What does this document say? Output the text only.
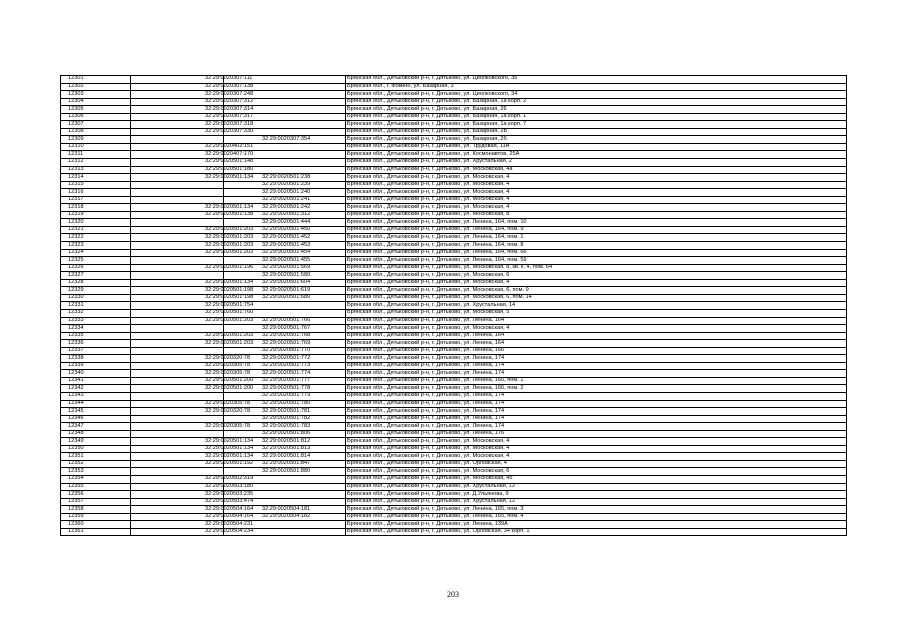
12301	32:29:0020307:111		Брянская обл., Дятьковский р-н, г. Дятьково, ул. Циолковского, 36
12302	32:29:0020307:138		Брянская обл., г. Фокино, ул. Базарная, 3
12303	32:29:0020307:248		Брянская обл., Дятьковский р-н, г. Дятьково, ул. Циолковского, 34
12304	32:29:0020307:312		Брянская обл., Дятьковский р-н, г. Дятьково, ул. Базарная, 1а корп. 2
12305	32:29:0020307:314		Брянская обл., Дятьковский р-н, г. Дятьково, ул. Базарная, 26
12306	32:29:0020307:317		Брянская обл., Дятьковский р-н, г. Дятьково, ул. Базарная, 1а корп. 1
12307	32:29:0020307:318		Брянская обл., Дятьковский р-н, г. Дятьково, ул. Базарная, 1а корп. 7
12308	32:29:0020307:330		Брянская обл., Дятьковский р-н, г. Дятьково, ул. Базарная, 2Б
12309		32:29:0020307:354	Брянская обл., Дятьковский р-н, г. Дятьково, ул. Базарная, 2б
12310	32:29:0020402:151		Брянская обл., Дятьковский р-н, г. Дятьково, ул. Трудовая, 11А
12311	32:29:0020407:170		Брянская обл., Дятьковский р-н, г. Дятьково, ул. Космонавтов, 25А
12312	32:29:0020501:148		Брянская обл., Дятьковский р-н, г. Дятьково, ул. Хрустальная, 2
12313	32:29:0020501:180		Брянская обл., Дятьковский р-н, г. Дятьково, ул. Московская, 4а
12314	32:29:0020501:134	32:29:0020501:238	Брянская обл., Дятьковский р-н, г. Дятьково, ул. Московская, 4
12315		32:29:0020501:239	Брянская обл., Дятьковский р-н, г. Дятьково, ул. Московская, 4
12316		32:29:0020501:240	Брянская обл., Дятьковский р-н, г. Дятьково, ул. Московская, 4
12317		32:29:0020501:241	Брянская обл., Дятьковский р-н, г. Дятьково, ул. Московская, 4
12318	32:29:0020501:134	32:29:0020501:242	Брянская обл., Дятьковский р-н, г. Дятьково, ул. Московская, 4
12319	32:29:0020501:138	32:29:0020501:312	Брянская обл., Дятьковский р-н, г. Дятьково, ул. Московская, 8
12320		32:29:0020501:444	Брянская обл., Дятьковский р-н, г. Дятьково, ул. Ленина, 164, пом. 10
12321	32:29:0020501:203	32:29:0020501:450	Брянская обл., Дятьковский р-н, г. Дятьково, ул. Ленина, 164, пом. 9
12322	32:29:0020501:203	32:29:0020501:452	Брянская обл., Дятьковский р-н, г. Дятьково, ул. Ленина, 164, пом. 1
12323	32:29:0020501:203	32:29:0020501:453	Брянская обл., Дятьковский р-н, г. Дятьково, ул. Ленина, 164, пом. 8
12324	32:29:0020501:203	32:29:0020501:454	Брянская обл., Дятьковский р-н, г. Дятьково, ул. Ленина, 164, пом. 66
12325		32:29:0020501:455	Брянская обл., Дятьковский р-н, г. Дятьково, ул. Ленина, 164, пом. 59
12326	32:29:0020501:196	32:29:0020501:569	Брянская обл., Дятьковский р-н, г. Дятьково, ул. Московская, 8, кв. к. 4, пом. 64
12327		32:29:0020501:580	Брянская обл., Дятьковский р-н, г. Дятьково, ул. Московская, 6
12328	32:29:0020501:134	32:29:0020501:604	Брянская обл., Дятьковский р-н, г. Дятьково, ул. Московская, 4
12329	32:29:0020501:198	32:29:0020501:619	Брянская обл., Дятьковский р-н, г. Дятьково, ул. Московская, 6, пом. 9
12330	32:29:0020501:198	32:29:0020501:680	Брянская обл., Дятьковский р-н, г. Дятьково, ул. Московская, 6, пом. 14
12331	32:29:0020501:754		Брянская обл., Дятьковский р-н, г. Дятьково, ул. Хрустальная, 14
12332	32:29:0020501:760		Брянская обл., Дятьковский р-н, г. Дятьково, ул. Московская, 5
12333	32:29:0020501:203	32:29:0020501:766	Брянская обл., Дятьковский р-н, г. Дятьково, ул. Ленина, 164
12334		32:29:0020501:767	Брянская обл., Дятьковский р-н, г. Дятьково, ул. Московская, 4
12335	32:29:0020501:203	32:29:0020501:768	Брянская обл., Дятьковский р-н, г. Дятьково, ул. Ленина, 164
12336	32:29:0020501:203	32:29:0020501:769	Брянская обл., Дятьковский р-н, г. Дятьково, ул. Ленина, 164
12337		32:29:0020501:770	Брянская обл., Дятьковский р-н, г. Дятьково, ул. Ленина, 166
12338	32:29:0020320:78	32:29:0020501:772	Брянская обл., Дятьковский р-н, г. Дятьково, ул. Ленина, 174
12339	32:29:0020305:78	32:29:0020501:773	Брянская обл., Дятьковский р-н, г. Дятьково, ул. Ленина, 174
12340	32:29:0020305:78	32:29:0020501:774	Брянская обл., Дятьковский р-н, г. Дятьково, ул. Ленина, 174
12341	32:29:0020501:200	32:29:0020501:777	Брянская обл., Дятьковский р-н, г. Дятьково, ул. Ленина, 166, пом. 1
12342	32:29:0020501:200	32:29:0020501:778	Брянская обл., Дятьковский р-н, г. Дятьково, ул. Ленина, 166, пом. 2
12343		32:29:0020501:779	Брянская обл., Дятьковский р-н, г. Дятьково, ул. Ленина, 174
12344	32:29:0020305:78	32:29:0020501:780	Брянская обл., Дятьковский р-н, г. Дятьково, ул. Ленина, 174
12345	32:29:0020320:78	32:29:0020501:781	Брянская обл., Дятьковский р-н, г. Дятьково, ул. Ленина, 174
12346		32:29:0020501:782	Брянская обл., Дятьковский р-н, г. Дятьково, ул. Ленина, 174
12347	32:29:0020305:78	32:29:0020501:783	Брянская обл., Дятьковский р-н, г. Дятьково, ул. Ленина, 174
12348		32:29:0020501:806	Брянская обл., Дятьковский р-н, г. Дятьково, ул. Ленина, 176
12349	32:29:0020501:134	32:29:0020501:812	Брянская обл., Дятьковский р-н, г. Дятьково, ул. Московская, 4
12350	32:29:0020501:134	32:29:0020501:813	Брянская обл., Дятьковский р-н, г. Дятьково, ул. Московская, 4
12351	32:29:0020501:134	32:29:0020501:814	Брянская обл., Дятьковский р-н, г. Дятьково, ул. Московская, 4
12352	32:29:0020501:192	32:29:0020501:847	Брянская обл., Дятьковский р-н, г. Дятьково, ул. Орловская, 4
12353		32:29:0020501:880	Брянская обл., Дятьковский р-н, г. Дятьково, ул. Московская, 6
12354	32:29:0020502:319		Брянская обл., Дятьковский р-н, г. Дятьково, ул. Московская, 45
12355	32:29:0020503:180		Брянская обл., Дятьковский р-н, г. Дятьково, ул. Хрустальная, 12
12356	32:29:0020503:235		Брянская обл., Дятьковский р-н, г. Дятьково, ул. Д.Ульянова, 9
12357	32:29:0020503:474		Брянская обл., Дятьковский р-н, г. Дятьково, ул. Хрустальная, 12
12358	32:29:0020504:164	32:29:0020504:181	Брянская обл., Дятьковский р-н, г. Дятьково, ул. Ленина, 165, пом. 3
12359	32:29:0020504:164	32:29:0020504:182	Брянская обл., Дятьковский р-н, г. Дятьково, ул. Ленина, 165, пом. 4
12360	32:29:0020504:231		Брянская обл., Дятьковский р-н, г. Дятьково, ул. Ленина, 139А
12361	32:29:0020504:234		Брянская обл., Дятьковский р-н, г. Дятьково, ул. Орловская, 34 корп. 1
203
